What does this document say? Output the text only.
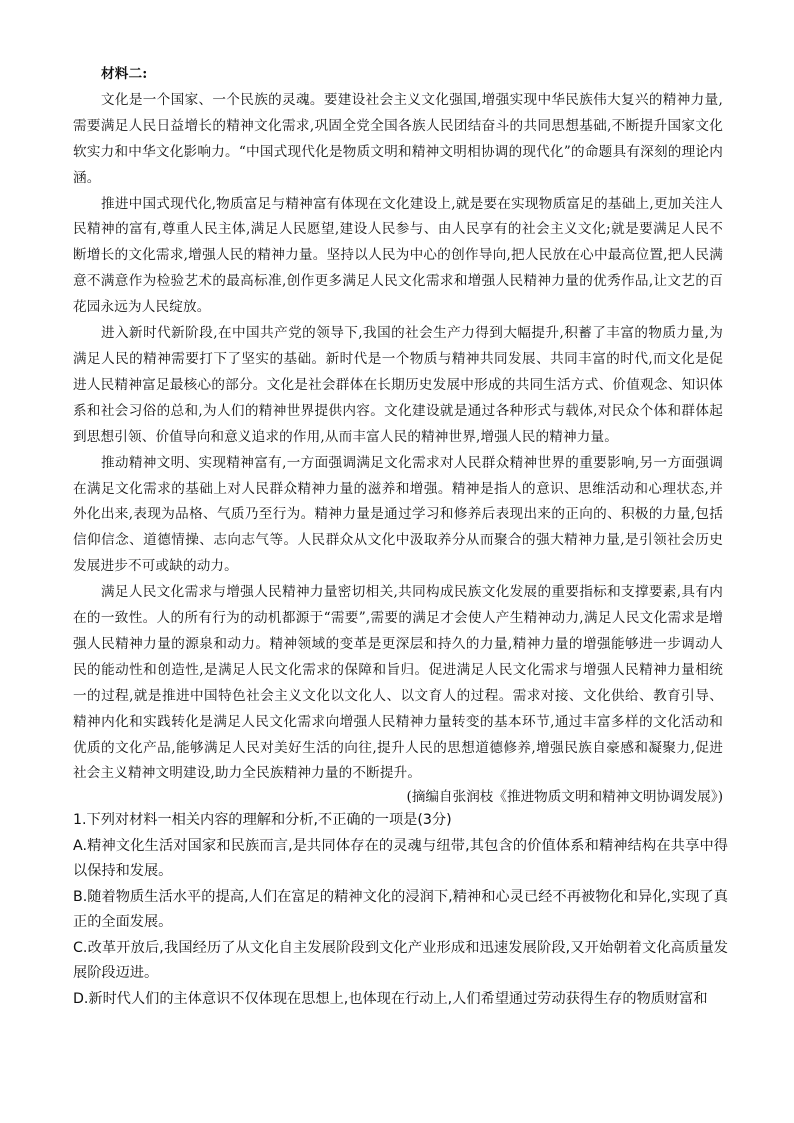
材料二:

文化是一个国家、一个民族的灵魂。要建设社会主义文化强国,增强实现中华民族伟大复兴的精神力量,需要满足人民日益增长的精神文化需求,巩固全党全国各族人民团结奋斗的共同思想基础,不断提升国家文化软实力和中华文化影响力。“中国式现代化是物质文明和精神文明相协调的现代化”的命题具有深刻的理论内涵。

推进中国式现代化,物质富足与精神富有体现在文化建设上,就是要在实现物质富足的基础上,更加关注人民精神的富有,尊重人民主体,满足人民愿望,建设人民参与、由人民享有的社会主义文化;就是要满足人民不断增长的文化需求,增强人民的精神力量。坚持以人民为中心的创作导向,把人民放在心中最高位置,把人民满意不满意作为检验艺术的最高标准,创作更多满足人民文化需求和增强人民精神力量的优秀作品,让文艺的百花园永远为人民绽放。

进入新时代新阶段,在中国共产党的领导下,我国的社会生产力得到大幅提升,积蓄了丰富的物质力量,为满足人民的精神需要打下了坚实的基础。新时代是一个物质与精神共同发展、共同丰富的时代,而文化是促进人民精神富足最核心的部分。文化是社会群体在长期历史发展中形成的共同生活方式、价值观念、知识体系和社会习俗的总和,为人们的精神世界提供内容。文化建设就是通过各种形式与载体,对民众个体和群体起到思想引领、价值导向和意义追求的作用,从而丰富人民的精神世界,增强人民的精神力量。

推动精神文明、实现精神富有,一方面强调满足文化需求对人民群众精神世界的重要影响,另一方面强调在满足文化需求的基础上对人民群众精神力量的滋养和增强。精神是指人的意识、思维活动和心理状态,并外化出来,表现为品格、气质乃至行为。精神力量是通过学习和修养后表现出来的正向的、积极的力量,包括信仰信念、道德情操、志向志气等。人民群众从文化中汲取养分从而聚合的强大精神力量,是引领社会历史发展进步不可或缺的动力。

满足人民文化需求与增强人民精神力量密切相关,共同构成民族文化发展的重要指标和支撑要素,具有内在的一致性。人的所有行为的动机都源于“需要”,需要的满足才会使人产生精神动力,满足人民文化需求是增强人民精神力量的源泉和动力。精神领域的变革是更深层和持久的力量,精神力量的增强能够进一步调动人民的能动性和创造性,是满足人民文化需求的保障和旨归。促进满足人民文化需求与增强人民精神力量相统一的过程,就是推进中国特色社会主义文化以文化人、以文育人的过程。需求对接、文化供给、教育引导、精神内化和实践转化是满足人民文化需求向增强人民精神力量转变的基本环节,通过丰富多样的文化活动和优质的文化产品,能够满足人民对美好生活的向往,提升人民的思想道德修养,增强民族自豪感和凝聚力,促进社会主义精神文明建设,助力全民族精神力量的不断提升。

(摘编自张润枝《推进物质文明和精神文明协调发展》)

1.下列对材料一相关内容的理解和分析,不正确的一项是(3分)

A.精神文化生活对国家和民族而言,是共同体存在的灵魂与纽带,其包含的价值体系和精神结构在共享中得以保持和发展。

B.随着物质生活水平的提高,人们在富足的精神文化的浸润下,精神和心灵已经不再被物化和异化,实现了真正的全面发展。

C.改革开放后,我国经历了从文化自主发展阶段到文化产业形成和迅速发展阶段,又开始朝着文化高质量发展阶段迈进。

D.新时代人们的主体意识不仅体现在思想上,也体现在行动上,人们希望通过劳动获得生存的物质财富和
